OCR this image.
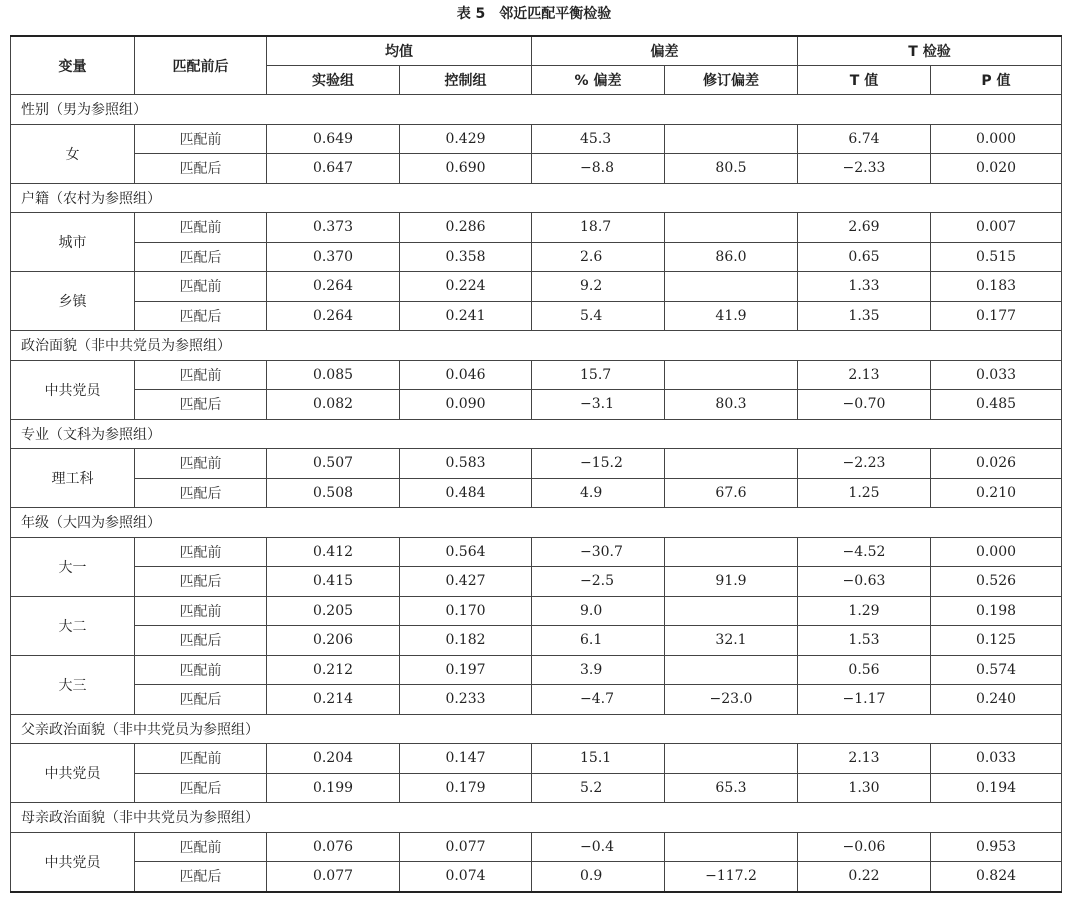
表 5　邻近匹配平衡检验
变量	匹配前后	均值		偏差		T 检验	
		实验组	控制组	% 偏差	修订偏差	T 值	P 值
性别（男为参照组）							
女	匹配前	0.649	0.429	45.3		6.74	0.000
	匹配后	0.647	0.690	−8.8	80.5	−2.33	0.020
户籍（农村为参照组）							
城市	匹配前	0.373	0.286	18.7		2.69	0.007
	匹配后	0.370	0.358	2.6	86.0	0.65	0.515
乡镇	匹配前	0.264	0.224	9.2		1.33	0.183
	匹配后	0.264	0.241	5.4	41.9	1.35	0.177
政治面貌（非中共党员为参照组）							
中共党员	匹配前	0.085	0.046	15.7		2.13	0.033
	匹配后	0.082	0.090	−3.1	80.3	−0.70	0.485
专业（文科为参照组）							
理工科	匹配前	0.507	0.583	−15.2		−2.23	0.026
	匹配后	0.508	0.484	4.9	67.6	1.25	0.210
年级（大四为参照组）							
大一	匹配前	0.412	0.564	−30.7		−4.52	0.000
	匹配后	0.415	0.427	−2.5	91.9	−0.63	0.526
大二	匹配前	0.205	0.170	9.0		1.29	0.198
	匹配后	0.206	0.182	6.1	32.1	1.53	0.125
大三	匹配前	0.212	0.197	3.9		0.56	0.574
	匹配后	0.214	0.233	−4.7	−23.0	−1.17	0.240
父亲政治面貌（非中共党员为参照组）							
中共党员	匹配前	0.204	0.147	15.1		2.13	0.033
	匹配后	0.199	0.179	5.2	65.3	1.30	0.194
母亲政治面貌（非中共党员为参照组）							
中共党员	匹配前	0.076	0.077	−0.4		−0.06	0.953
	匹配后	0.077	0.074	0.9	−117.2	0.22	0.824
